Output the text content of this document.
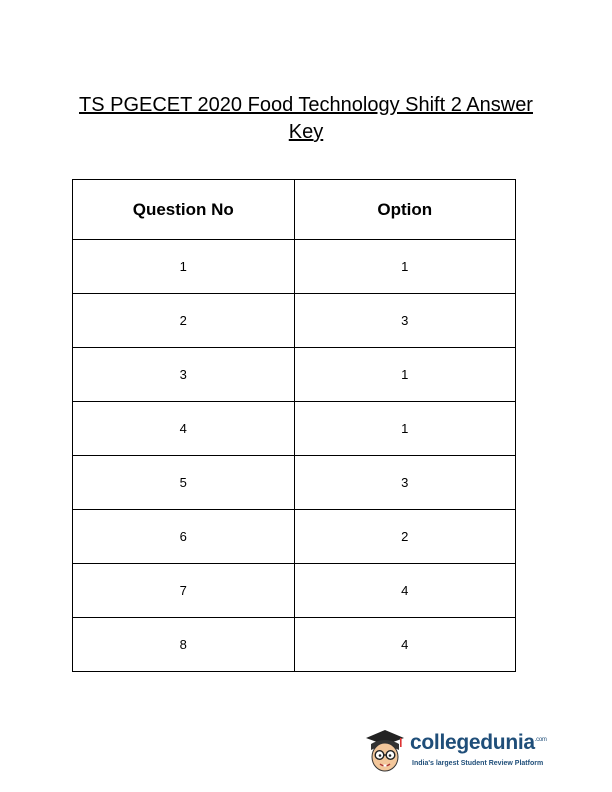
TS PGECET 2020 Food Technology Shift 2 Answer
Key

Question No	Option
1	1
2	3
3	1
4	1
5	3
6	2
7	4
8	4
collegedunia$^{.com}$
India's largest Student Review Platform
